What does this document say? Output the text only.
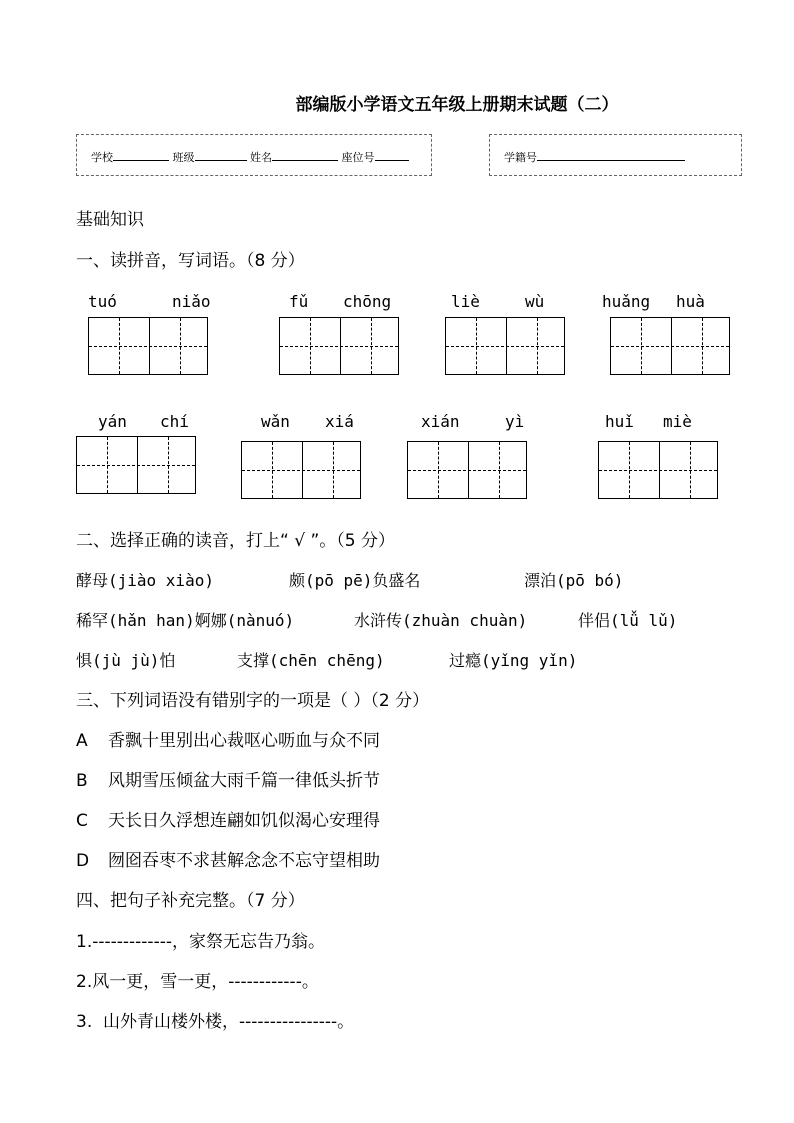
部编版小学语文五年级上册期末试题（二）
学校	班级	姓名	座位号	学籍号
基础知识
一、读拼音，写词语。（8 分）
tuó	niǎo	fǔ chōng	liè	wù	huǎng huà
yán chí	wǎn xiá	xián	yì	huǐ miè
二、选择正确的读音，打上“ √ ”。（5 分）
酵母(jiào xiào)	颇(pō pē)负盛名	漂泊(pō bó)
稀罕(hǎn han)婀娜(nànuó)	水浒传(zhuàn chuàn)	伴侣(lǚ lǔ)
惧(jù jù)怕	支撑(chēn chēng)	过瘾(yǐng yǐn)
三、下列词语没有错别字的一项是（ ）（2 分）
A 香飘十里别出心裁呕心呖血与众不同
B 风期雪压倾盆大雨千篇一律低头折节
C 天长日久浮想连翩如饥似渴心安理得
D 囫囵吞枣不求甚解念念不忘守望相助
四、把句子补充完整。（7 分）
1.-------------，家祭无忘告乃翁。
2.风一更，雪一更，------------。
3.  山外青山楼外楼，----------------。
